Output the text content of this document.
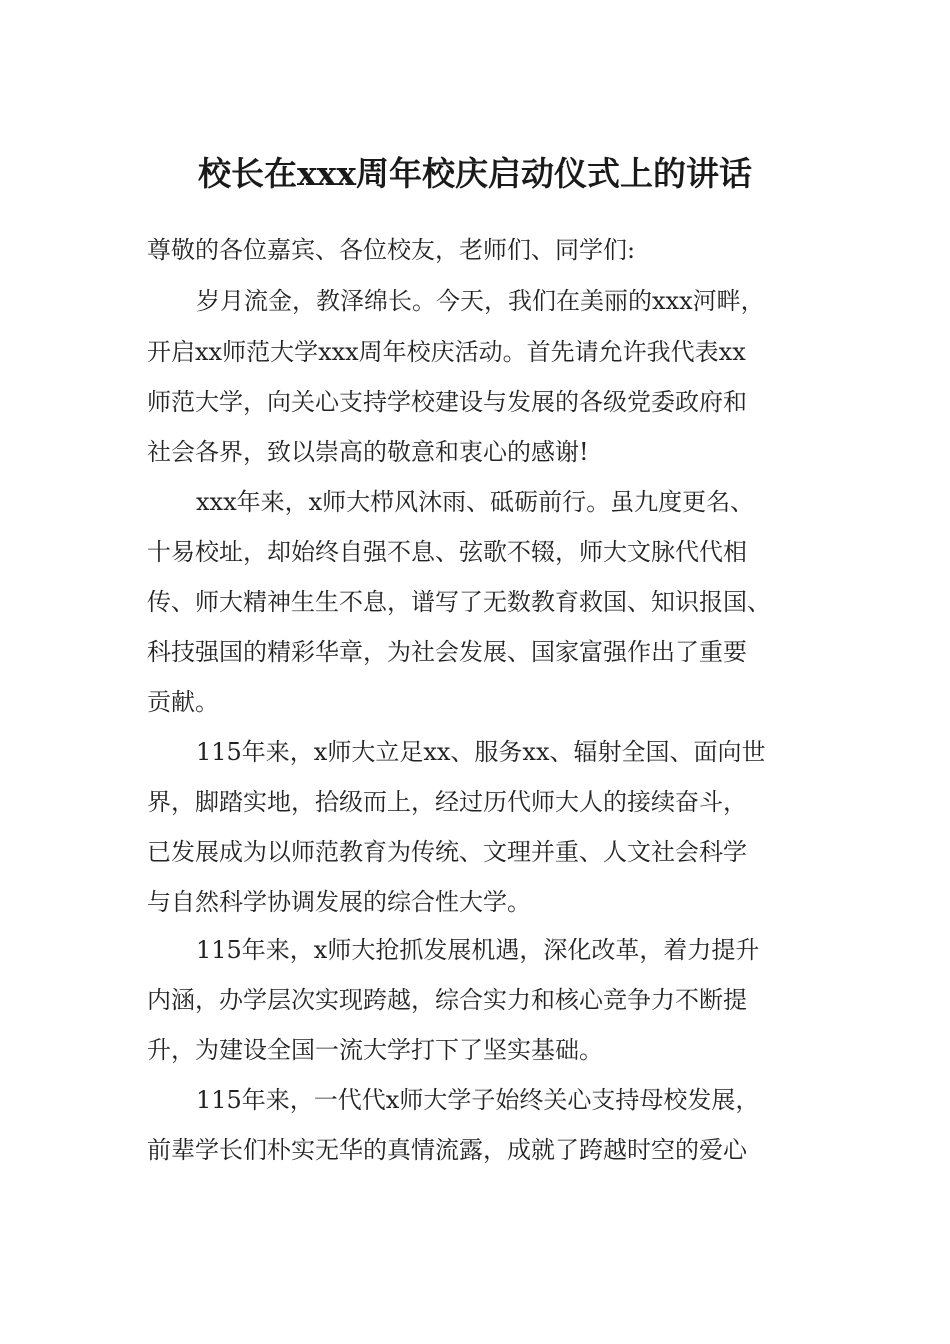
校长在xxx周年校庆启动仪式上的讲话
尊敬的各位嘉宾、各位校友，老师们、同学们:
岁月流金，教泽绵长。今天，我们在美丽的xxx河畔，
开启xx师范大学xxx周年校庆活动。首先请允许我代表xx
师范大学，向关心支持学校建设与发展的各级党委政府和
社会各界，致以崇高的敬意和衷心的感谢!
xxx年来，x师大栉风沐雨、砥砺前行。虽九度更名、
十易校址，却始终自强不息、弦歌不辍，师大文脉代代相
传、师大精神生生不息，谱写了无数教育救国、知识报国、
科技强国的精彩华章，为社会发展、国家富强作出了重要
贡献。
115年来，x师大立足xx、服务xx、辐射全国、面向世
界，脚踏实地，拾级而上，经过历代师大人的接续奋斗，
已发展成为以师范教育为传统、文理并重、人文社会科学
与自然科学协调发展的综合性大学。
115年来，x师大抢抓发展机遇，深化改革，着力提升
内涵，办学层次实现跨越，综合实力和核心竞争力不断提
升，为建设全国一流大学打下了坚实基础。
115年来，一代代x师大学子始终关心支持母校发展，
前辈学长们朴实无华的真情流露，成就了跨越时空的爱心
